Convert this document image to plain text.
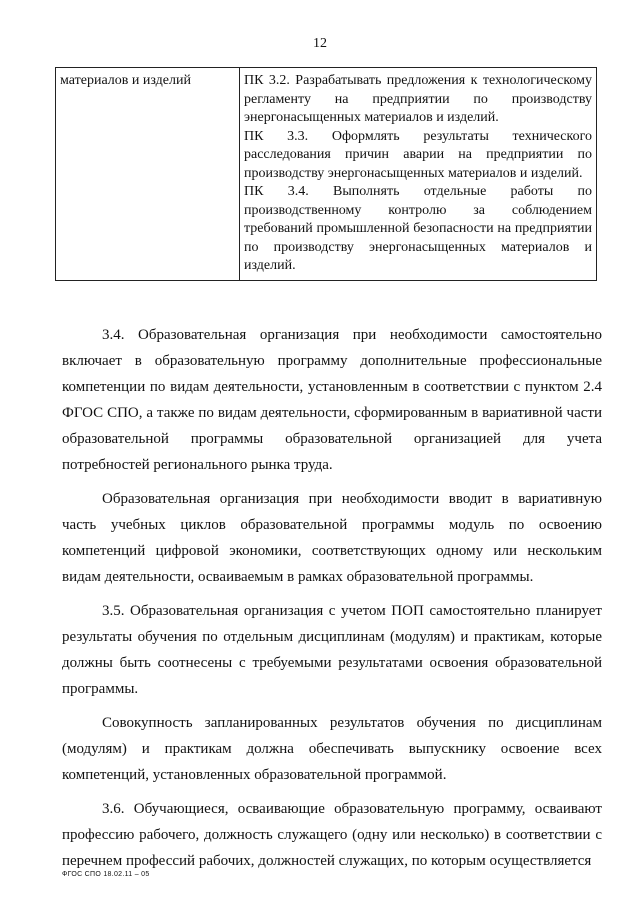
12
материалов и изделий	ПК 3.2. Разрабатывать предложения к технологическому регламенту на предприятии по производству энергонасыщенных материалов и изделий.
ПК 3.3. Оформлять результаты технического расследования причин аварии на предприятии по производству энергонасыщенных материалов и изделий.
ПК 3.4. Выполнять отдельные работы по производственному контролю за соблюдением требований промышленной безопасности на предприятии по производству энергонасыщенных материалов и изделий.

3.4. Образовательная организация при необходимости самостоятельно включает в образовательную программу дополнительные профессиональные компетенции по видам деятельности, установленным в соответствии с пунктом 2.4 ФГОС СПО, а также по видам деятельности, сформированным в вариативной части образовательной программы образовательной организацией для учета потребностей регионального рынка труда.

Образовательная организация при необходимости вводит в вариативную часть учебных циклов образовательной программы модуль по освоению компетенций цифровой экономики, соответствующих одному или нескольким видам деятельности, осваиваемым в рамках образовательной программы.

3.5. Образовательная организация с учетом ПОП самостоятельно планирует результаты обучения по отдельным дисциплинам (модулям) и практикам, которые должны быть соотнесены с требуемыми результатами освоения образовательной программы.

Совокупность запланированных результатов обучения по дисциплинам (модулям) и практикам должна обеспечивать выпускнику освоение всех компетенций, установленных образовательной программой.

3.6. Обучающиеся, осваивающие образовательную программу, осваивают профессию рабочего, должность служащего (одну или несколько) в соответствии с перечнем профессий рабочих, должностей служащих, по которым осуществляется

ФГОС СПО 18.02.11 – 05
